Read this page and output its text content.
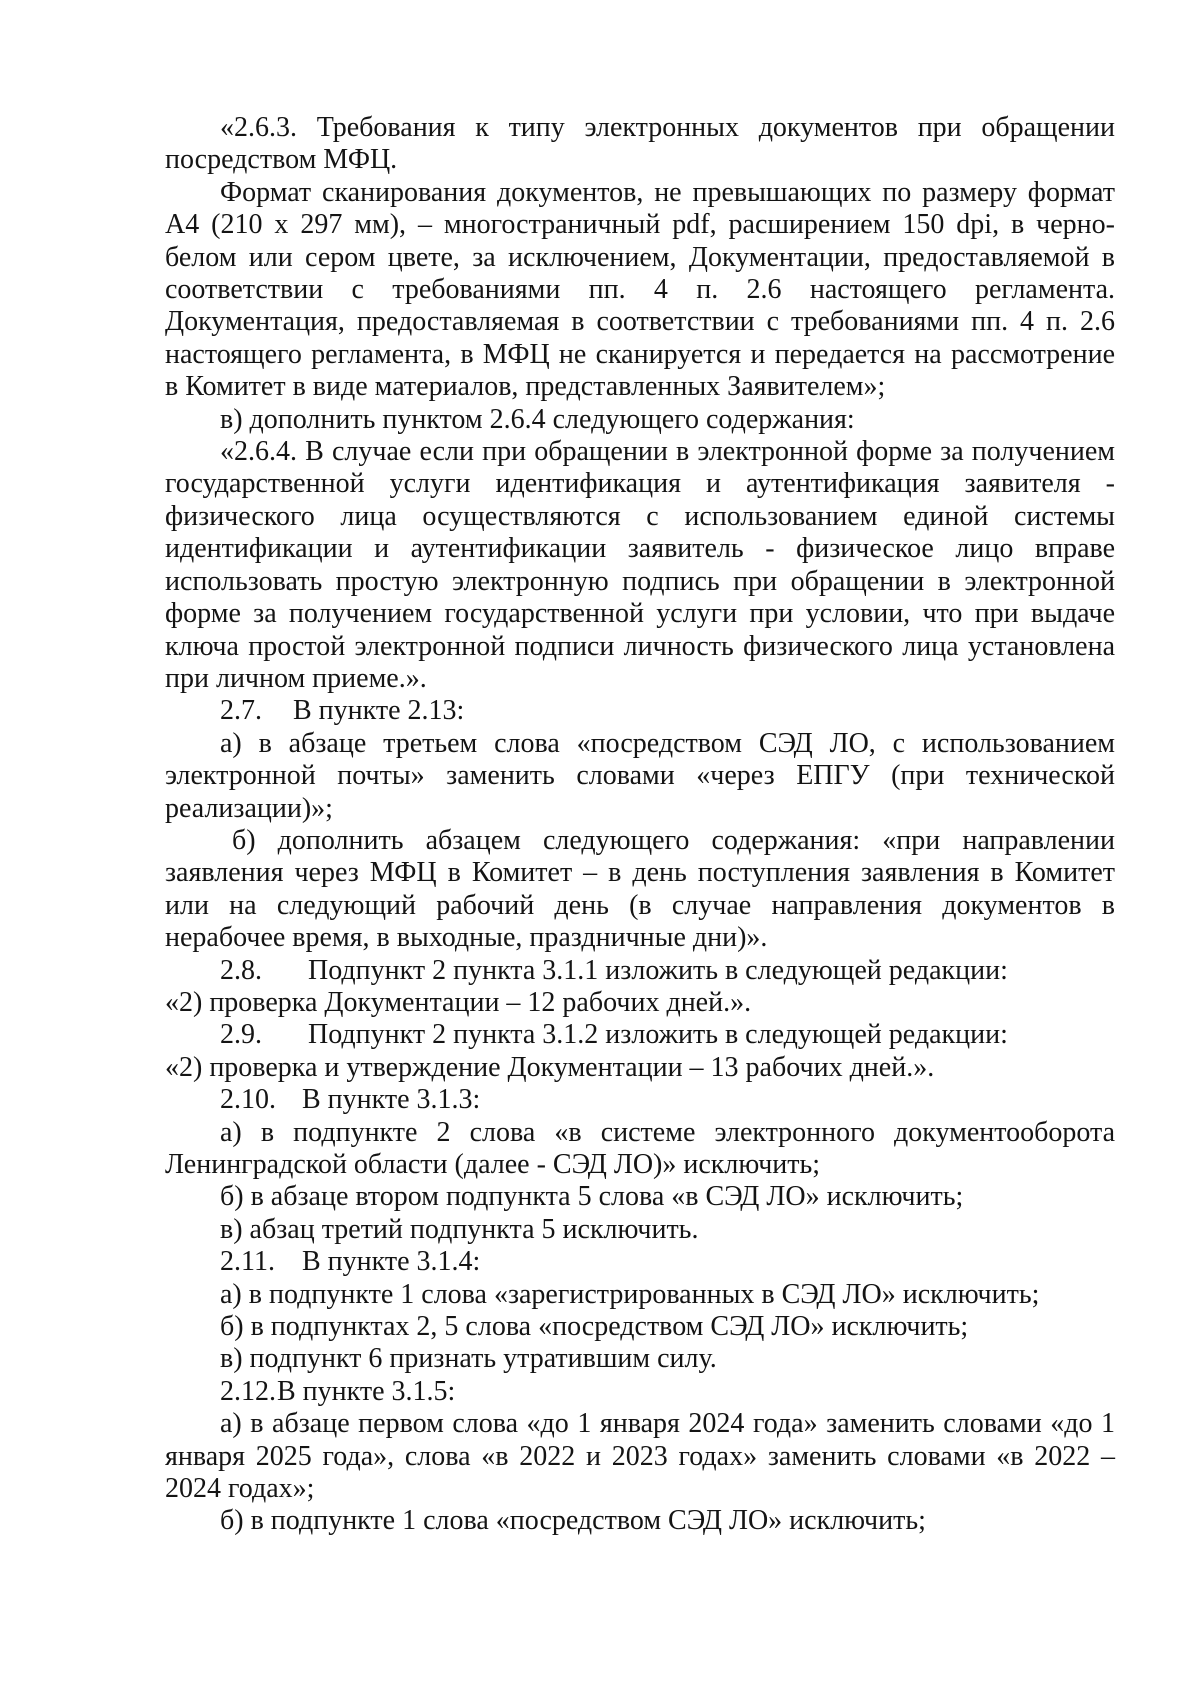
«2.6.3. Требования к типу электронных документов при обращении посредством МФЦ.

Формат сканирования документов, не превышающих по размеру формат А4 (210 х 297 мм), – многостраничный pdf, расширением 150 dpi, в черно-белом или сером цвете, за исключением, Документации, предоставляемой в соответствии с требованиями пп. 4 п. 2.6 настоящего регламента. Документация, предоставляемая в соответствии с требованиями пп. 4 п. 2.6 настоящего регламента, в МФЦ не сканируется и передается на рассмотрение в Комитет в виде материалов, представленных Заявителем»;

в) дополнить пунктом 2.6.4 следующего содержания:

«2.6.4. В случае если при обращении в электронной форме за получением государственной услуги идентификация и аутентификация заявителя - физического лица осуществляются с использованием единой системы идентификации и аутентификации заявитель - физическое лицо вправе использовать простую электронную подпись при обращении в электронной форме за получением государственной услуги при условии, что при выдаче ключа простой электронной подписи личность физического лица установлена при личном приеме.».

2.7. В пункте 2.13:

а) в абзаце третьем слова «посредством СЭД ЛО, с использованием электронной почты» заменить словами «через ЕПГУ (при технической реализации)»;

б) дополнить абзацем следующего содержания: «при направлении заявления через МФЦ в Комитет – в день поступления заявления в Комитет или на следующий рабочий день (в случае направления документов в нерабочее время, в выходные, праздничные дни)».

2.8. Подпункт 2 пункта 3.1.1 изложить в следующей редакции:

«2) проверка Документации – 12 рабочих дней.».

2.9. Подпункт 2 пункта 3.1.2 изложить в следующей редакции:

«2) проверка и утверждение Документации – 13 рабочих дней.».

2.10. В пункте 3.1.3:

а) в подпункте 2 слова «в системе электронного документооборота Ленинградской области (далее - СЭД ЛО)» исключить;

б) в абзаце втором подпункта 5 слова «в СЭД ЛО» исключить;

в) абзац третий подпункта 5 исключить.

2.11. В пункте 3.1.4:

а) в подпункте 1 слова «зарегистрированных в СЭД ЛО» исключить;

б) в подпунктах 2, 5 слова «посредством СЭД ЛО» исключить;

в) подпункт 6 признать утратившим силу.

2.12.В пункте 3.1.5:

а) в абзаце первом слова «до 1 января 2024 года» заменить словами «до 1 января 2025 года», слова «в 2022 и 2023 годах» заменить словами «в 2022 – 2024 годах»;

б) в подпункте 1 слова «посредством СЭД ЛО» исключить;
